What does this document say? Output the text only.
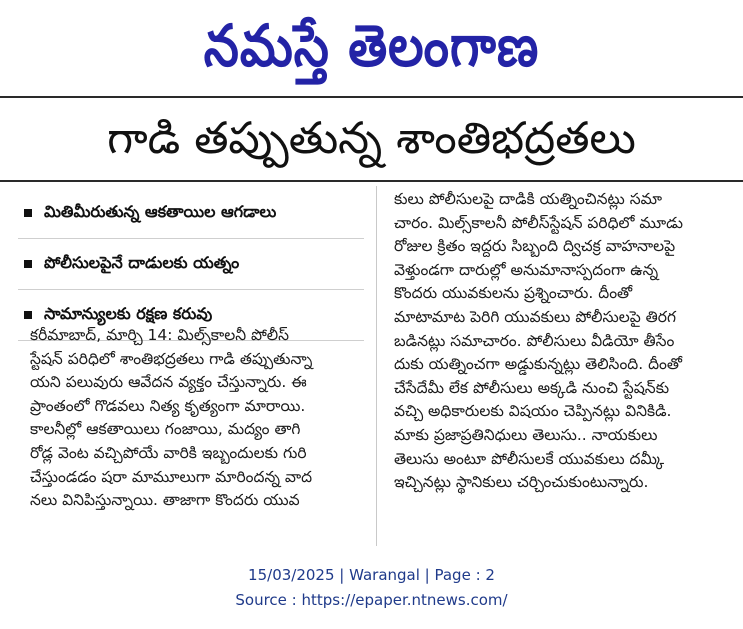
నమస్తే తెలంగాణ
గాడి తప్పుతున్న శాంతిభద్రతలు
మితిమీరుతున్న ఆకతాయిల ఆగడాలు
పోలీసులపైనే దాడులకు యత్నం
సామాన్యులకు రక్షణ కరువు

కరీమాబాద్‌, మార్చి 14: మిల్స్‌కాలనీ పోలీస్‌

స్టేషన్‌ పరిధిలో శాంతిభద్రతలు గాడి తప్పుతున్నా

యని పలువురు ఆవేదన వ్యక్తం చేస్తున్నారు. ఈ

ప్రాంతంలో గొడవలు నిత్య కృత్యంగా మారాయి.

కాలనీల్లో ఆకతాయిలు గంజాయి, మద్యం తాగి

రోడ్ల వెంట వచ్చిపోయే వారికి ఇబ్బందులకు గురి

చేస్తుండడం షరా మామూలుగా మారిందన్న వాద

నలు వినిపిస్తున్నాయి. తాజాగా కొందరు యువ

కులు పోలీసులపై దాడికి యత్నించినట్లు సమా

చారం. మిల్స్‌కాలనీ పోలీస్‌స్టేషన్‌ పరిధిలో మూడు

రోజుల క్రితం ఇద్దరు సిబ్బంది ద్విచక్ర వాహనాలపై

వెళ్తుండగా దారుల్లో అనుమానాస్పదంగా ఉన్న

కొందరు యువకులను ప్రశ్నించారు. దీంతో

మాటామాట పెరిగి యువకులు పోలీసులపై తిరగ

బడినట్లు సమాచారం. పోలీసులు వీడియో తీసేం

దుకు యత్నించగా అడ్డుకున్నట్లు తెలిసింది. దీంతో

చేసేదేమీ లేక పోలీసులు అక్కడి నుంచి స్టేషన్‌కు

వచ్చి అధికారులకు విషయం చెప్పినట్లు వినికిడి.

మాకు ప్రజాప్రతినిధులు తెలుసు.. నాయకులు

తెలుసు అంటూ పోలీసులకే యువకులు దమ్కీ

ఇచ్చినట్లు స్థానికులు చర్చించుకుంటున్నారు.

15/03/2025 | Warangal | Page : 2
Source : https://epaper.ntnews.com/
